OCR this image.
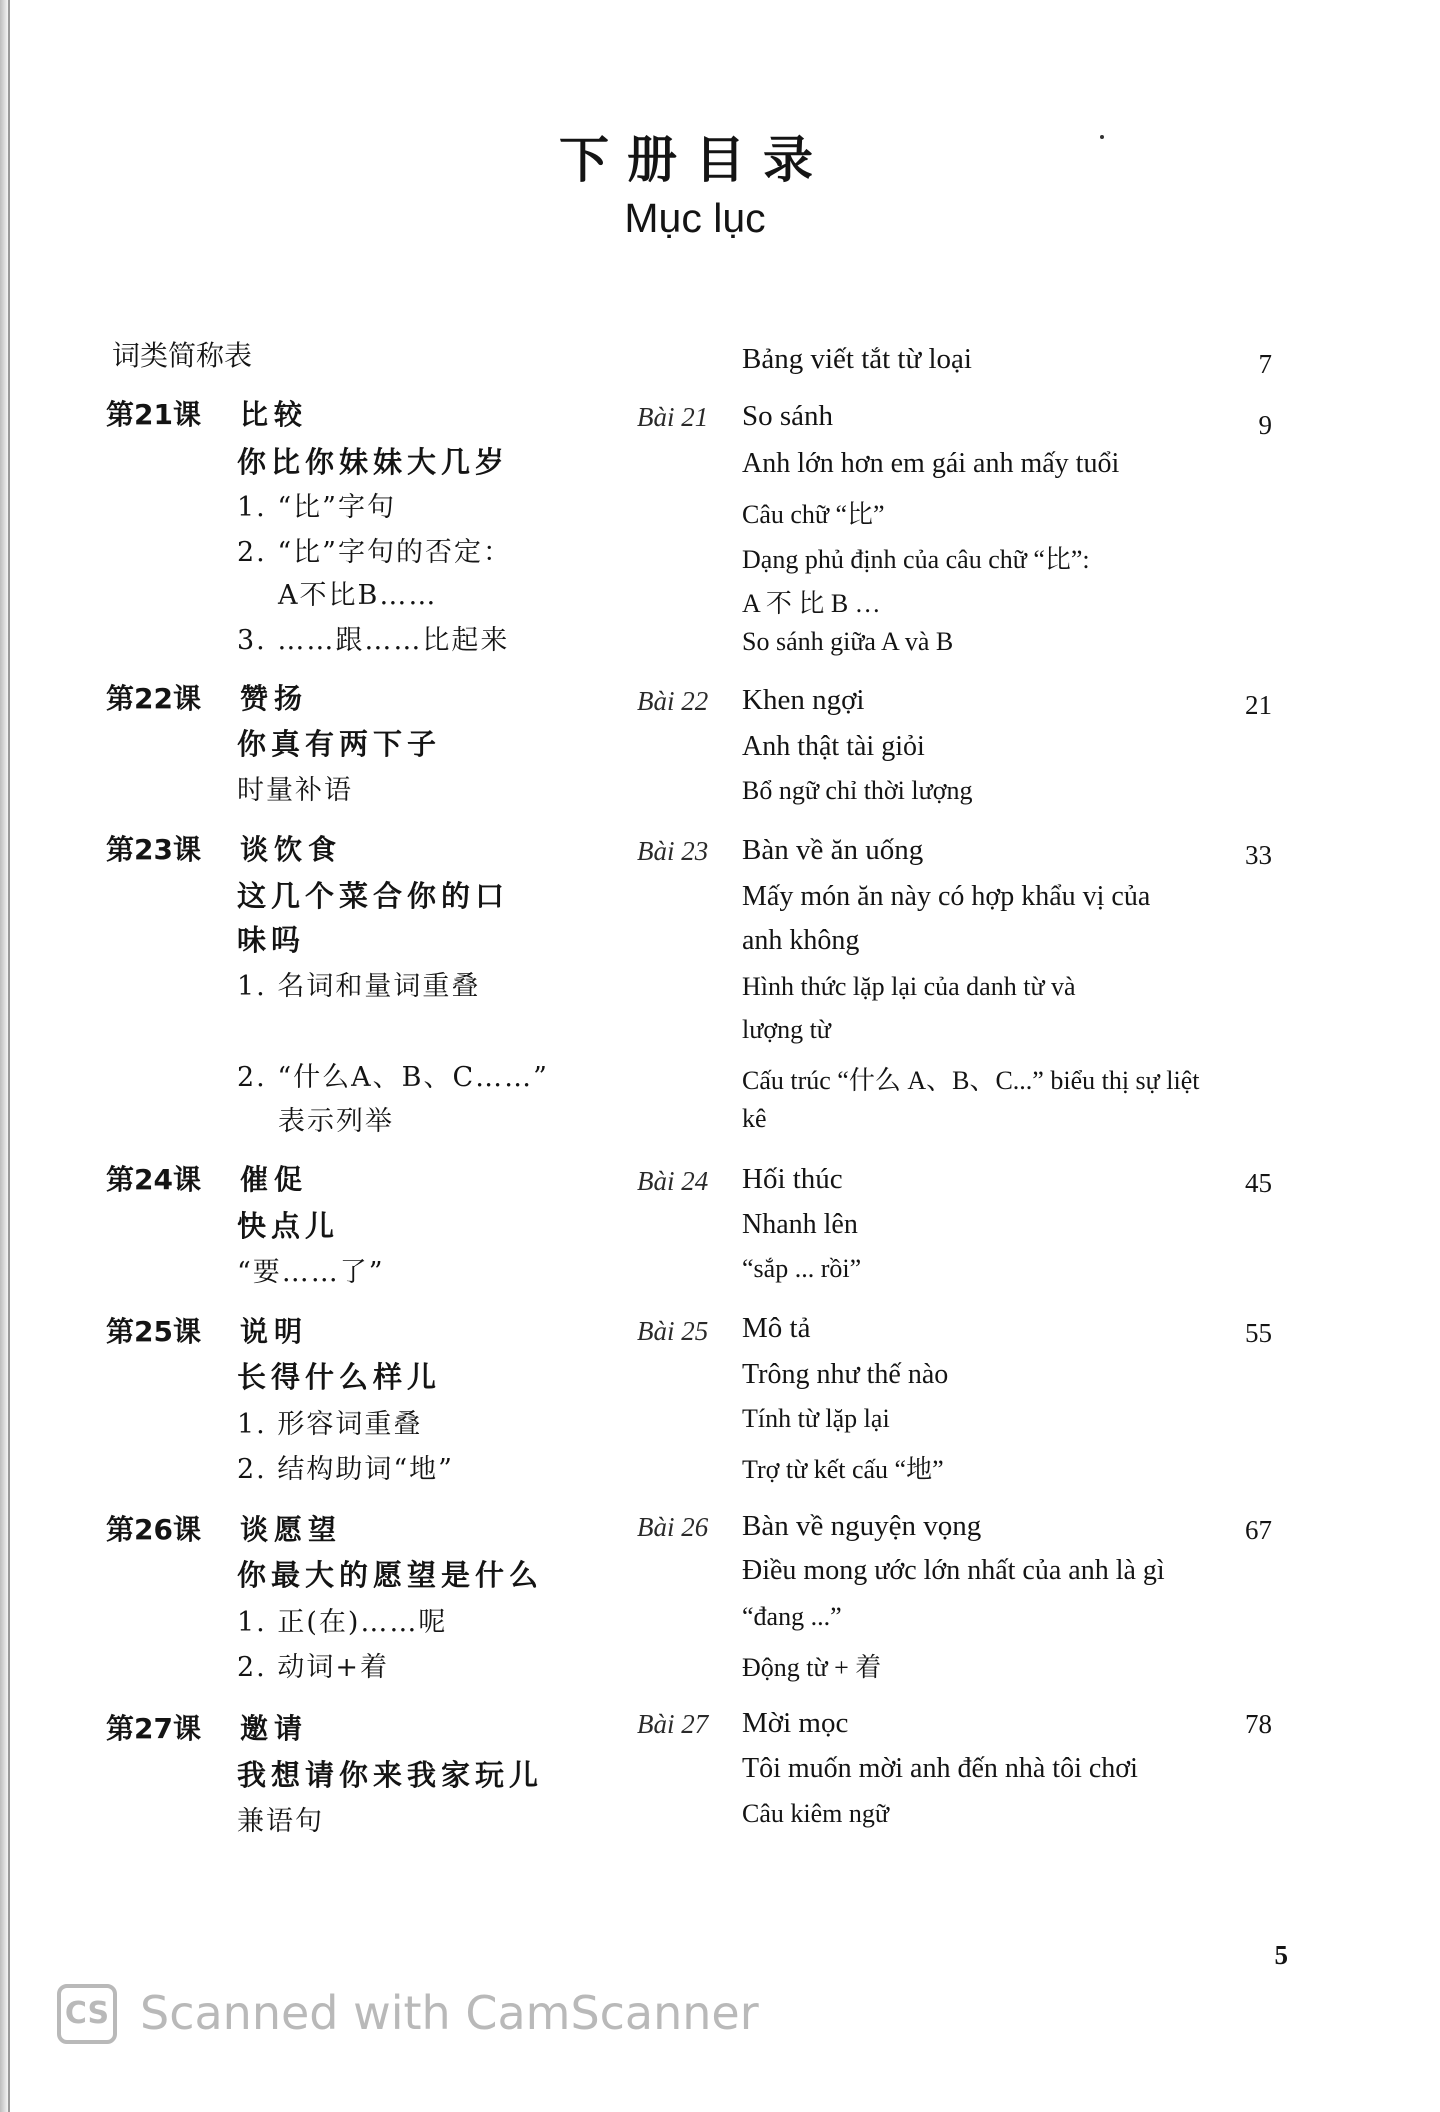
下册目录
Mục lục
词类简称表	Bảng viết tắt từ loại	7
第21课 比较	Bài 21 So sánh	9
你比你妹妹大几岁	Anh lớn hơn em gái anh mấy tuổi
1. “比”字句	Câu chữ “比”
2. “比”字句的否定：	Dạng phủ định của câu chữ “比”:
A不比B……	A 不 比 B …
3. ……跟……比起来	So sánh giữa A và B
第22课 赞扬	Bài 22 Khen ngợi	21
你真有两下子	Anh thật tài giỏi
时量补语	Bổ ngữ chỉ thời lượng
第23课 谈饮食	Bài 23 Bàn về ăn uống	33
这几个菜合你的口	Mấy món ăn này có hợp khẩu vị của
味吗	anh không
1. 名词和量词重叠	Hình thức lặp lại của danh từ và
lượng từ
2. “什么A、B、C……”	Cấu trúc “什么 A、B、C...” biểu thị sự liệt
表示列举	kê
第24课 催促	Bài 24 Hối thúc	45
快点儿	Nhanh lên
“要……了”	“sắp ... rồi”
第25课 说明	Bài 25 Mô tả	55
长得什么样儿	Trông như thế nào
1. 形容词重叠	Tính từ lặp lại
2. 结构助词“地”	Trợ từ kết cấu “地”
第26课 谈愿望	Bài 26 Bàn về nguyện vọng	67
你最大的愿望是什么	Điều mong ước lớn nhất của anh là gì
1. 正(在)……呢	“đang ...”
2. 动词+着	Động từ + 着
第27课 邀请	Bài 27 Mời mọc	78
我想请你来我家玩儿	Tôi muốn mời anh đến nhà tôi chơi
兼语句	Câu kiêm ngữ
5
CS Scanned with CamScanner
